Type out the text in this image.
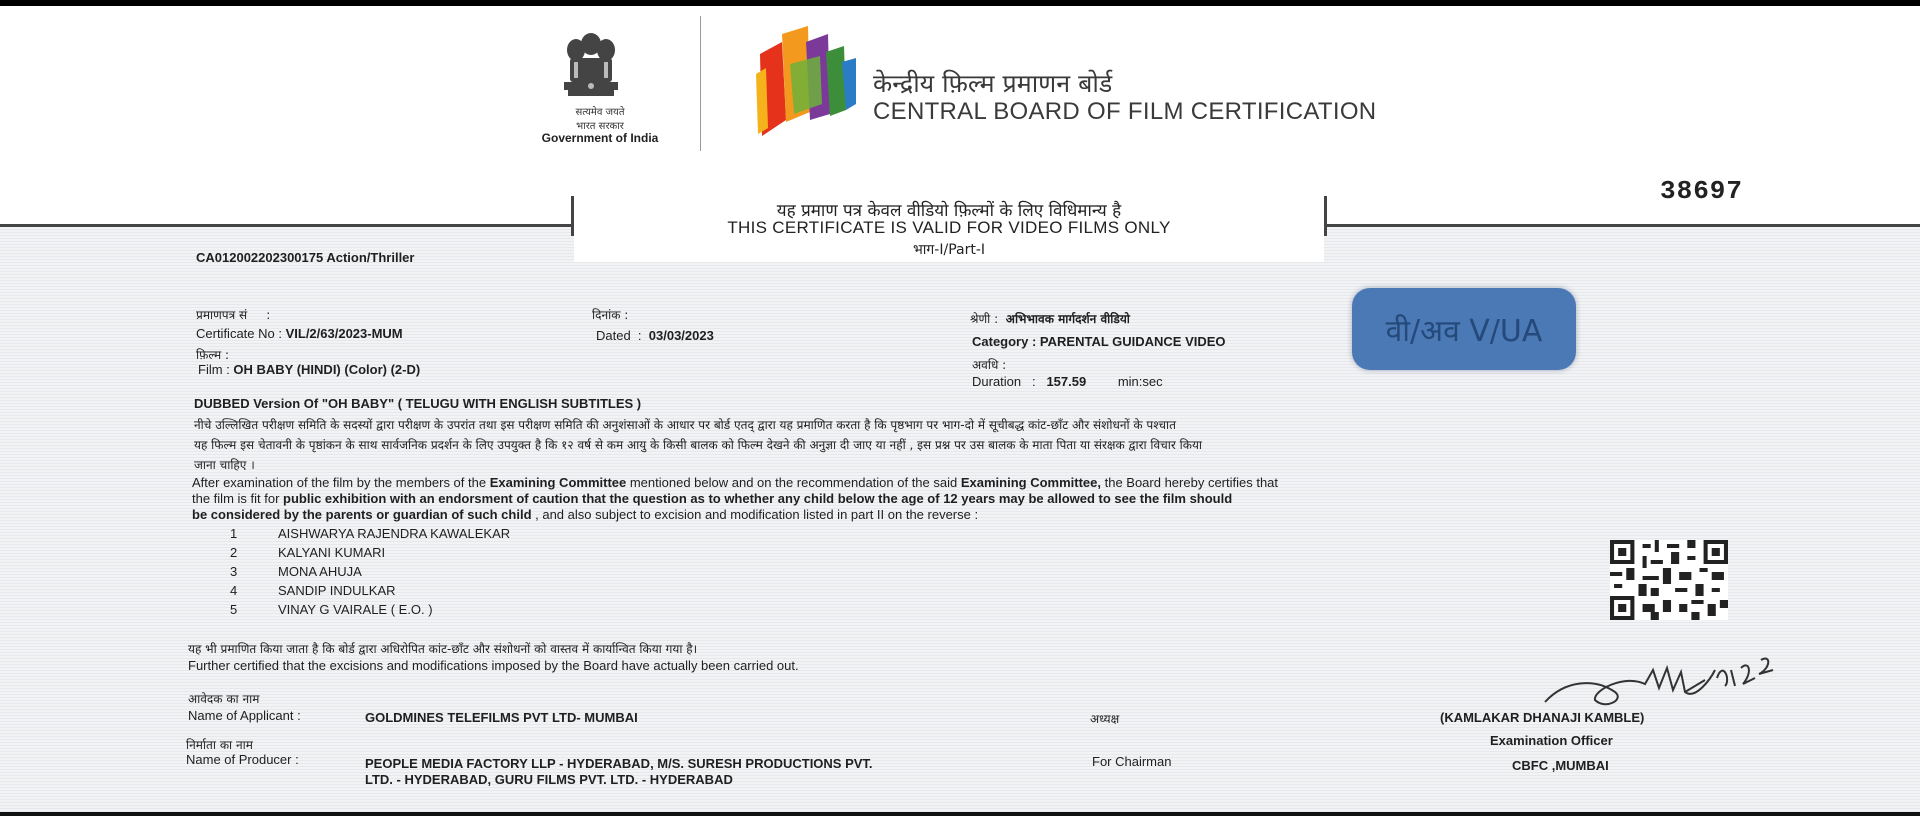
सत्यमेव जयते
भारत सरकार
Government of India
केन्द्रीय फ़िल्म प्रमाणन बोर्ड
CENTRAL BOARD OF FILM CERTIFICATION
38697
यह प्रमाण पत्र केवल वीडियो फ़िल्मों के लिए विधिमान्य है
THIS CERTIFICATE IS VALID FOR VIDEO FILMS ONLY
भाग-I/Part-I
CA012002202300175 Action/Thriller
प्रमाणपत्र सं     :
Certificate No : VIL/2/63/2023-MUM
दिनांक :
Dated  :  03/03/2023
फ़िल्म :
Film : OH BABY (HINDI) (Color) (2-D)
श्रेणी :  अभिभावक मार्गदर्शन वीडियो
Category : PARENTAL GUIDANCE VIDEO
अवधि :
Duration   :   157.59 min:sec
वी/अव V/UA
DUBBED Version Of "OH BABY" ( TELUGU WITH ENGLISH SUBTITLES )
नीचे उल्लिखित परीक्षण समिति के सदस्यों द्वारा परीक्षण के उपरांत तथा इस परीक्षण समिति की अनुशंसाओं के आधार पर बोर्ड एतद् द्वारा यह प्रमाणित करता है कि पृष्ठभाग पर भाग-दो में सूचीबद्ध कांट-छाँट और संशोधनों के पश्चात
यह फिल्म इस चेतावनी के पृष्ठांकन के साथ सार्वजनिक प्रदर्शन के लिए उपयुक्त है कि १२ वर्ष से कम आयु के किसी बालक को फिल्म देखने की अनुज्ञा दी जाए या नहीं , इस प्रश्न पर उस बालक के माता पिता या संरक्षक द्वारा विचार किया
जाना चाहिए ।
After examination of the film by the members of the Examining Committee mentioned below and on the recommendation of the said Examining Committee, the Board hereby certifies that
the film is fit for public exhibition with an endorsment of caution that the question as to whether any child below the age of 12 years may be allowed to see the film should
be considered by the parents or guardian of such child , and also subject to excision and modification listed in part II on the reverse :
1	AISHWARYA RAJENDRA KAWALEKAR
2	KALYANI KUMARI
3	MONA AHUJA
4	SANDIP INDULKAR
5	VINAY G VAIRALE ( E.O. )
यह भी प्रमाणित किया जाता है कि बोर्ड द्वारा अधिरोपित कांट-छाँट और संशोधनों को वास्तव में कार्यान्वित किया गया है।
Further certified that the excisions and modifications imposed by the Board have actually been carried out.
आवेदक का नाम
Name of Applicant :	GOLDMINES TELEFILMS PVT LTD- MUMBAI
निर्माता का नाम
Name of Producer :	PEOPLE MEDIA FACTORY LLP - HYDERABAD, M/S. SURESH PRODUCTIONS PVT.
LTD. - HYDERABAD, GURU FILMS PVT. LTD. - HYDERABAD
अध्यक्ष
For Chairman
(KAMLAKAR DHANAJI KAMBLE)
Examination Officer
CBFC ,MUMBAI
